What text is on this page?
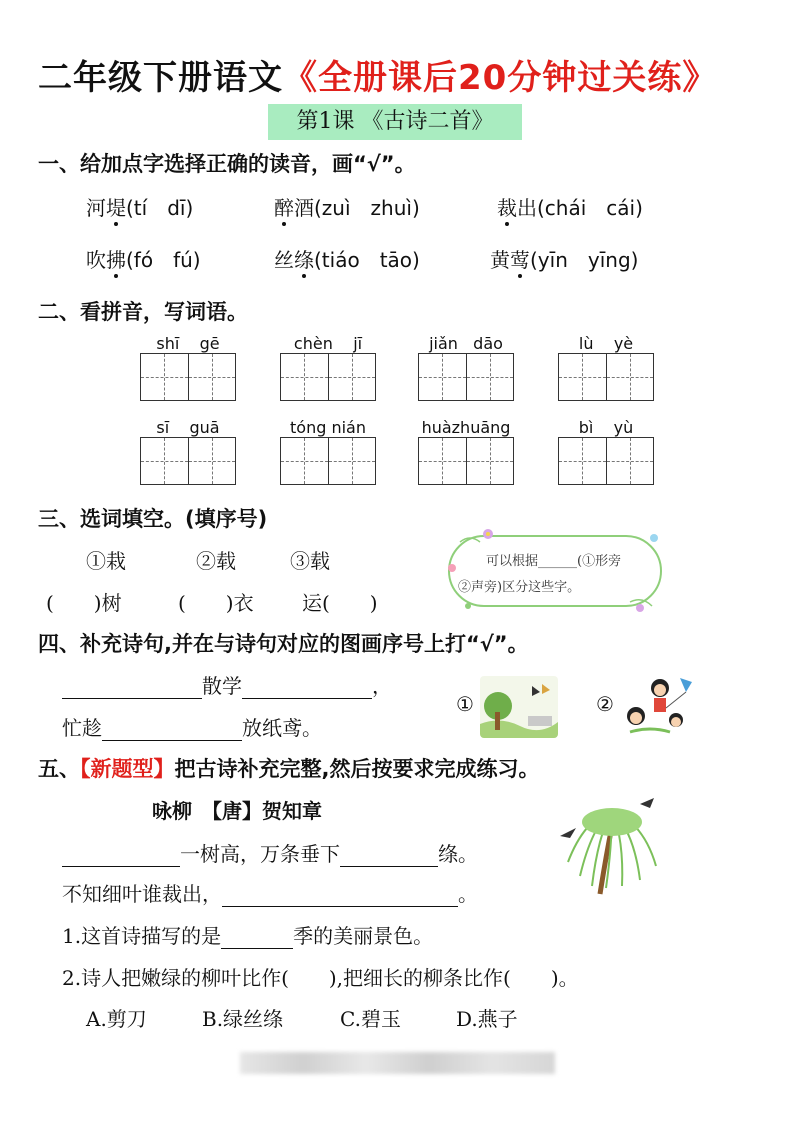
二年级下册语文《全册课后20分钟过关练》
第1课 《古诗二首》
一、给加点字选择正确的读音，画“√”。
河堤(tí　dī)	醉酒(zuì　zhuì)	裁出(chái　cái)
吹拂(fó　fú)	丝绦(tiáo　tāo)	黄莺(yīn　yīng)
二、看拼音，写词语。
shī gē	chèn jī	jiǎn dāo	lù yè
sī guā	tóng nián	huàzhuāng	bì yù
三、选词填空。(填序号)
①栽	②载	③载
(　　)树	(　　)衣 运(　　)
可以根据______(①形旁
②声旁)区分这些字。
四、补充诗句,并在与诗句对应的图画序号上打“√”。
散学	，
忙趁	放纸鸢。
①	②
五、【新题型】把古诗补充完整,然后按要求完成练习。
咏柳　【唐】贺知章
一树高，万条垂下	绦。
不知细叶谁裁出，	。
1.这首诗描写的是	季的美丽景色。
2.诗人把嫩绿的柳叶比作(　　),把细长的柳条比作(　　)。
A.剪刀	B.绿丝绦	C.碧玉	D.燕子
